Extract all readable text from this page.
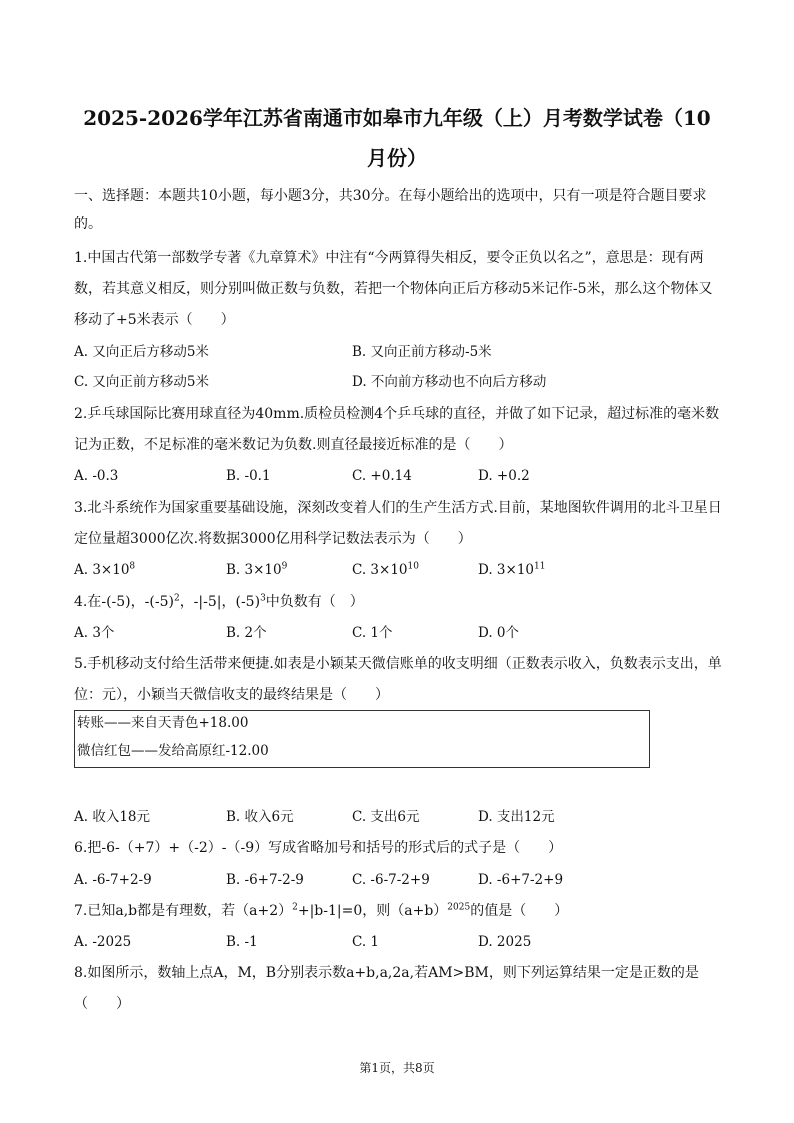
2025-2026学年江苏省南通市如皋市九年级（上）月考数学试卷（10
月份）
一、选择题：本题共10小题，每小题3分，共30分。在每小题给出的选项中，只有一项是符合题目要求
的。
1.中国古代第一部数学专著《九章算术》中注有“今两算得失相反，要令正负以名之”，意思是：现有两
数，若其意义相反，则分别叫做正数与负数，若把一个物体向正后方移动5米记作-5米，那么这个物体又
移动了+5米表示（　　）
A. 又向正后方移动5米	B. 又向正前方移动-5米
C. 又向正前方移动5米	D. 不向前方移动也不向后方移动
2.乒乓球国际比赛用球直径为40mm.质检员检测4个乒乓球的直径，并做了如下记录，超过标准的毫米数
记为正数，不足标准的毫米数记为负数.则直径最接近标准的是（　　）
A. -0.3	B. -0.1	C. +0.14	D. +0.2
3.北斗系统作为国家重要基础设施，深刻改变着人们的生产生活方式.目前，某地图软件调用的北斗卫星日
定位量超3000亿次.将数据3000亿用科学记数法表示为（　　）
A. $3\times 10^8$	B. $3\times 10^9$	C. $3\times 10^{10}$	D. $3\times 10^{11}$
4.在-(-5)，$-(-5)^2$，-|-5|，$(-5)^3$中负数有（　）
A. 3个	B. 2个	C. 1个	D. 0个
5.手机移动支付给生活带来便捷.如表是小颖某天微信账单的收支明细（正数表示收入，负数表示支出，单
位：元），小颖当天微信收支的最终结果是（　　）
转账——来自天青色+18.00
微信红包——发给高原红-12.00
A. 收入18元	B. 收入6元	C. 支出6元	D. 支出12元
6.把-6-（+7）+（-2）-（-9）写成省略加号和括号的形式后的式子是（　　）
A. -6-7+2-9	B. -6+7-2-9	C. -6-7-2+9	D. -6+7-2+9
7.已知a,b都是有理数，若$(a+2)^2+|b-1|=0$，则$(a+b)^{2025}$的值是（　　）
A. -2025	B. -1	C. 1	D. 2025
8.如图所示，数轴上点A，M，B分别表示数a+b,a,2a,若AM>BM，则下列运算结果一定是正数的是
（　　）
第1页，共8页
